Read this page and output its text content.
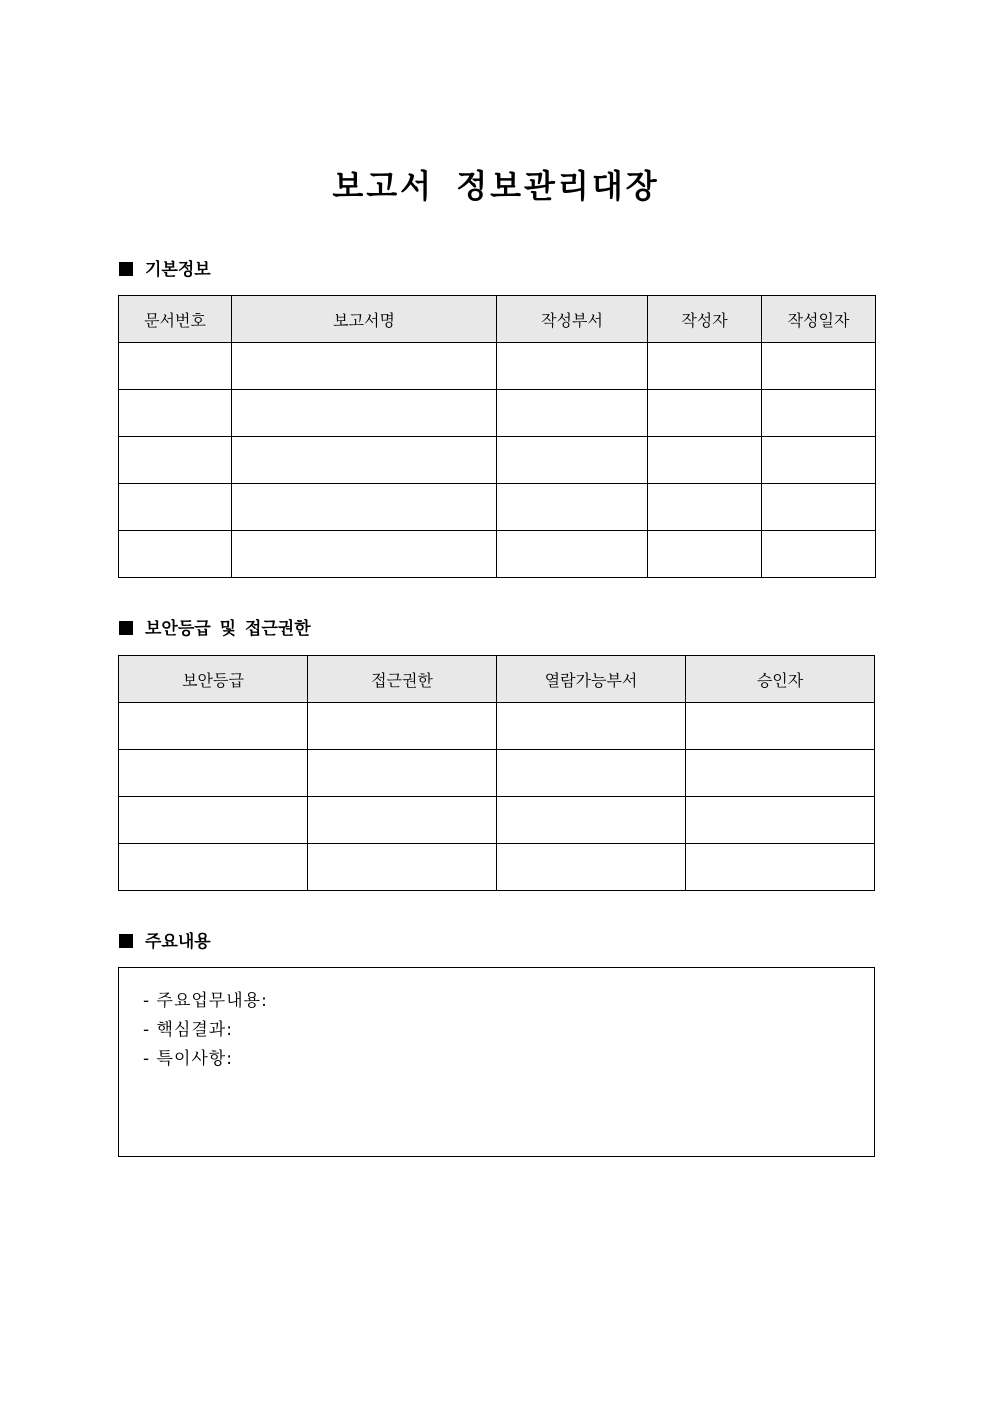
보고서 정보관리대장
기본정보
문서번호	보고서명	작성부서	작성자	작성일자

보안등급 및 접근권한
보안등급	접근권한	열람가능부서	승인자

주요내용
- 주요업무내용:
- 핵심결과:
- 특이사항:
